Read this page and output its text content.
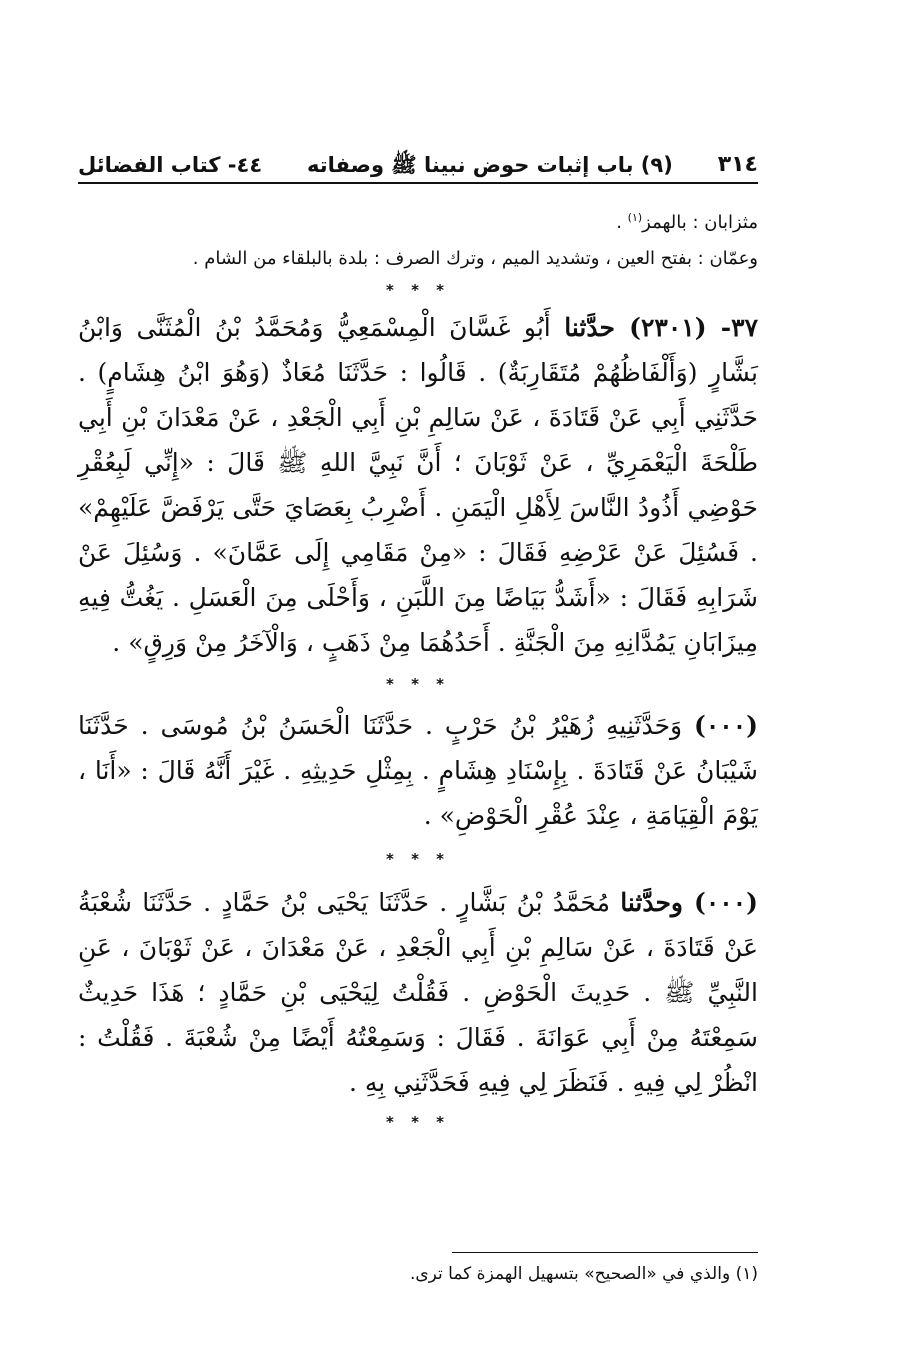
٣١٤
(٩) باب إثبات حوض نبينا ﷺ وصفاته
٤٤- كتاب الفضائل

مثزابان : بالهمز$^{(١)}$ .

وعمّان : بفتح العين ، وتشديد الميم ، وترك الصرف : بلدة بالبلقاء من الشام .

* * *

٣٧- (٢٣٠١) حدَّثنا أَبُو غَسَّانَ الْمِسْمَعِيُّ وَمُحَمَّدُ بْنُ الْمُثَنَّى وَابْنُ بَشَّارٍ (وَأَلْفَاظُهُمْ مُتَقَارِبَةٌ) . قَالُوا : حَدَّثَنَا مُعَاذٌ (وَهُوَ ابْنُ هِشَامٍ) . حَدَّثَنِي أَبِي عَنْ قَتَادَةَ ، عَنْ سَالِمِ بْنِ أَبِي الْجَعْدِ ، عَنْ مَعْدَانَ بْنِ أَبِي طَلْحَةَ الْيَعْمَرِيِّ ، عَنْ ثَوْبَانَ ؛ أَنَّ نَبِيَّ اللهِ ﷺ قَالَ : «إِنِّي لَبِعُقْرِ حَوْضِي أَذُودُ النَّاسَ لِأَهْلِ الْيَمَنِ . أَضْرِبُ بِعَصَايَ حَتَّى يَرْفَضَّ عَلَيْهِمْ» . فَسُئِلَ عَنْ عَرْضِهِ فَقَالَ : «مِنْ مَقَامِي إِلَى عَمَّانَ» . وَسُئِلَ عَنْ شَرَابِهِ فَقَالَ : «أَشَدُّ بَيَاضًا مِنَ اللَّبَنِ ، وَأَحْلَى مِنَ الْعَسَلِ . يَغُتُّ فِيهِ مِيزَابَانِ يَمُدَّانِهِ مِنَ الْجَنَّةِ . أَحَدُهُمَا مِنْ ذَهَبٍ ، وَالْآخَرُ مِنْ وَرِقٍ» .

* * *

(٠٠٠) وَحَدَّثَنِيهِ زُهَيْرُ بْنُ حَرْبٍ . حَدَّثَنَا الْحَسَنُ بْنُ مُوسَى . حَدَّثَنَا شَيْبَانُ عَنْ قَتَادَةَ . بِإِسْنَادِ هِشَامٍ . بِمِثْلِ حَدِيثِهِ . غَيْرَ أَنَّهُ قَالَ : «أَنَا ، يَوْمَ الْقِيَامَةِ ، عِنْدَ عُقْرِ الْحَوْضِ» .

* * *

(٠٠٠) وحدَّثنا مُحَمَّدُ بْنُ بَشَّارٍ . حَدَّثَنَا يَحْيَى بْنُ حَمَّادٍ . حَدَّثَنَا شُعْبَةُ عَنْ قَتَادَةَ ، عَنْ سَالِمِ بْنِ أَبِي الْجَعْدِ ، عَنْ مَعْدَانَ ، عَنْ ثَوْبَانَ ، عَنِ النَّبِيِّ ﷺ . حَدِيثَ الْحَوْضِ . فَقُلْتُ لِيَحْيَى بْنِ حَمَّادٍ ؛ هَذَا حَدِيثٌ سَمِعْتَهُ مِنْ أَبِي عَوَانَةَ . فَقَالَ : وَسَمِعْتُهُ أَيْضًا مِنْ شُعْبَةَ . فَقُلْتُ : انْظُرْ لِي فِيهِ . فَنَظَرَ لِي فِيهِ فَحَدَّثَنِي بِهِ .

* * *
(١) والذي في «الصحيح» بتسهيل الهمزة كما ترى.
